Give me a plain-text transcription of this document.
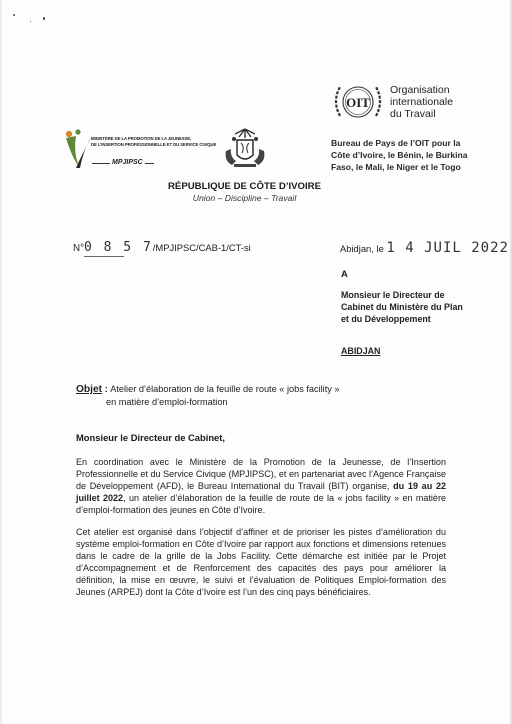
OIT
Organisation
internationale
du Travail
Bureau de Pays de l’OIT pour la
Côte d’Ivoire, le Bénin, le Burkina
Faso, le Mali, le Niger et le Togo
MINISTÈRE DE LA PROMOTION DE LA JEUNESSE,
DE L’INSERTION PROFESSIONNELLE ET DU SERVICE CIVIQUE
MPJIPSC
RÉPUBLIQUE DE CÔTE D’IVOIRE
Union – Discipline – Travail
N°0 8 5 7/MPJIPSC/CAB-1/CT-si	Abidjan, le 1 4 JUIL 2022
A
Monsieur le Directeur de
Cabinet du Ministère du Plan
et du Développement
ABIDJAN
Objet : Atelier d’élaboration de la feuille de route « jobs facility »
en matière d’emploi-formation
Monsieur le Directeur de Cabinet,
En coordination avec le Ministère de la Promotion de la Jeunesse, de l’Insertion Professionnelle et du Service Civique (MPJIPSC), et en partenariat avec l’Agence Française de Développement (AFD), le Bureau International du Travail (BIT) organise, du 19 au 22 juillet 2022, un atelier d’élaboration de la feuille de route de la « jobs facility » en matière d’emploi-formation des jeunes en Côte d’Ivoire.
Cet atelier est organisé dans l’objectif d’affiner et de prioriser les pistes d’amélioration du système emploi-formation en Côte d’Ivoire par rapport aux fonctions et dimensions retenues dans le cadre de la grille de la Jobs Facility. Cette démarche est initiée par le Projet d’Accompagnement et de Renforcement des capacités des pays pour améliorer la définition, la mise en œuvre, le suivi et l’évaluation de Politiques Emploi-formation des Jeunes (ARPEJ) dont la Côte d’Ivoire est l’un des cinq pays bénéficiaires.
